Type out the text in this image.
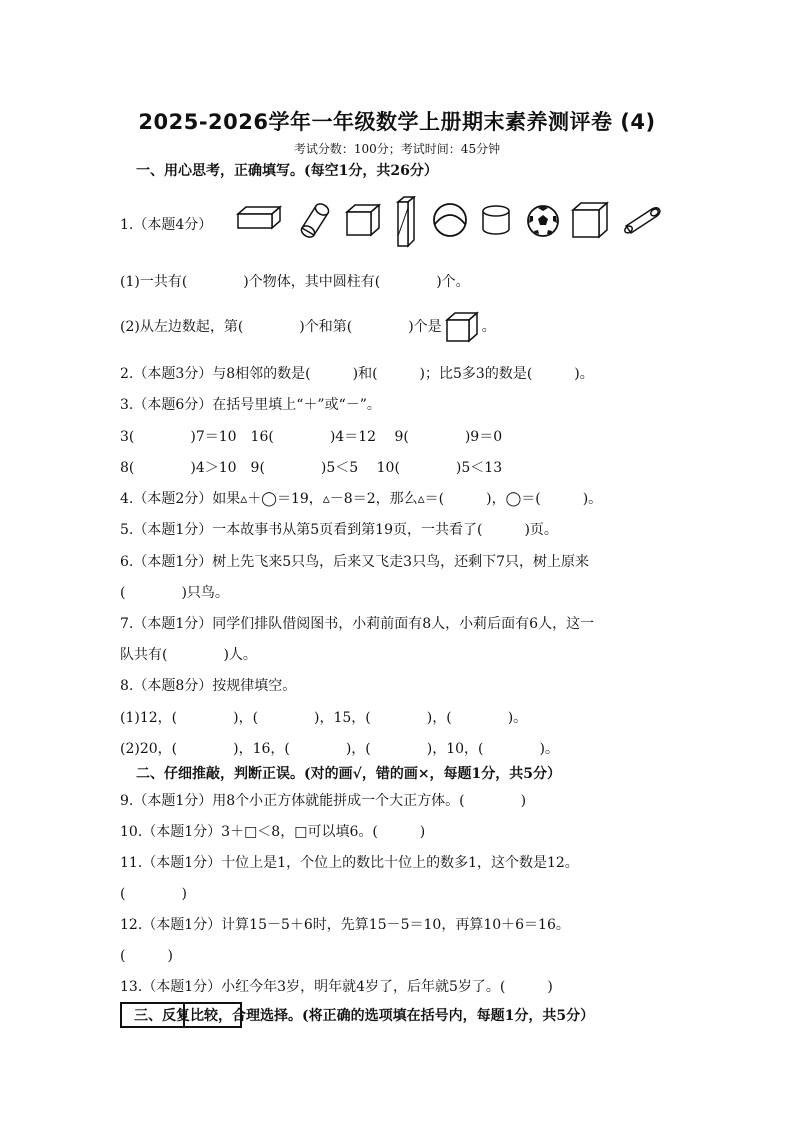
2025-2026学年一年级数学上册期末素养测评卷 (4)
考试分数：100分；考试时间：45分钟
一、用心思考，正确填写。(每空1分，共26分）
1.（本题4分）
(1)一共有(　　　　)个物体，其中圆柱有(　　　　)个。
(2)从左边数起，第(　　　　)个和第(　　　　)个是	。
2.（本题3分）与8相邻的数是(　　　)和(　　　)；比5多3的数是(　　　)。
3.（本题6分）在括号里填上“＋”或“－”。
3(　　　　)7＝10　16(　　　　)4＝12　 9(　　　　)9＝0
8(　　　　)4＞10　9(　　　　)5＜5　 10(　　　　)5＜13
4.（本题2分）如果▵＋◯＝19，▵－8＝2，那么▵＝(　　　)，◯＝(　　　)。
5.（本题1分）一本故事书从第5页看到第19页，一共看了(　　　)页。
6.（本题1分）树上先飞来5只鸟，后来又飞走3只鸟，还剩下7只，树上原来
(　　　　)只鸟。
7.（本题1分）同学们排队借阅图书，小莉前面有8人，小莉后面有6人，这一
队共有(　　　　)人。
8.（本题8分）按规律填空。
(1)12，(　　　　)，(　　　　)，15，(　　　　)，(　　　　)。
(2)20，(　　　　)，16，(　　　　)，(　　　　)，10，(　　　　)。
二、仔细推敲，判断正误。(对的画√，错的画×，每题1分，共5分）
9.（本题1分）用8个小正方体就能拼成一个大正方体。(　　　　)
10.（本题1分）3＋□＜8，□可以填6。(　　　)
11.（本题1分）十位上是1，个位上的数比十位上的数多1，这个数是12。
(　　　　)
12.（本题1分）计算15－5＋6时，先算15－5＝10，再算10＋6＝16。
(　　　)
13.（本题1分）小红今年3岁，明年就4岁了，后年就5岁了。(　　　)
　三、反复比较，合理选择。(将正确的选项填在括号内，每题1分，共5分）
